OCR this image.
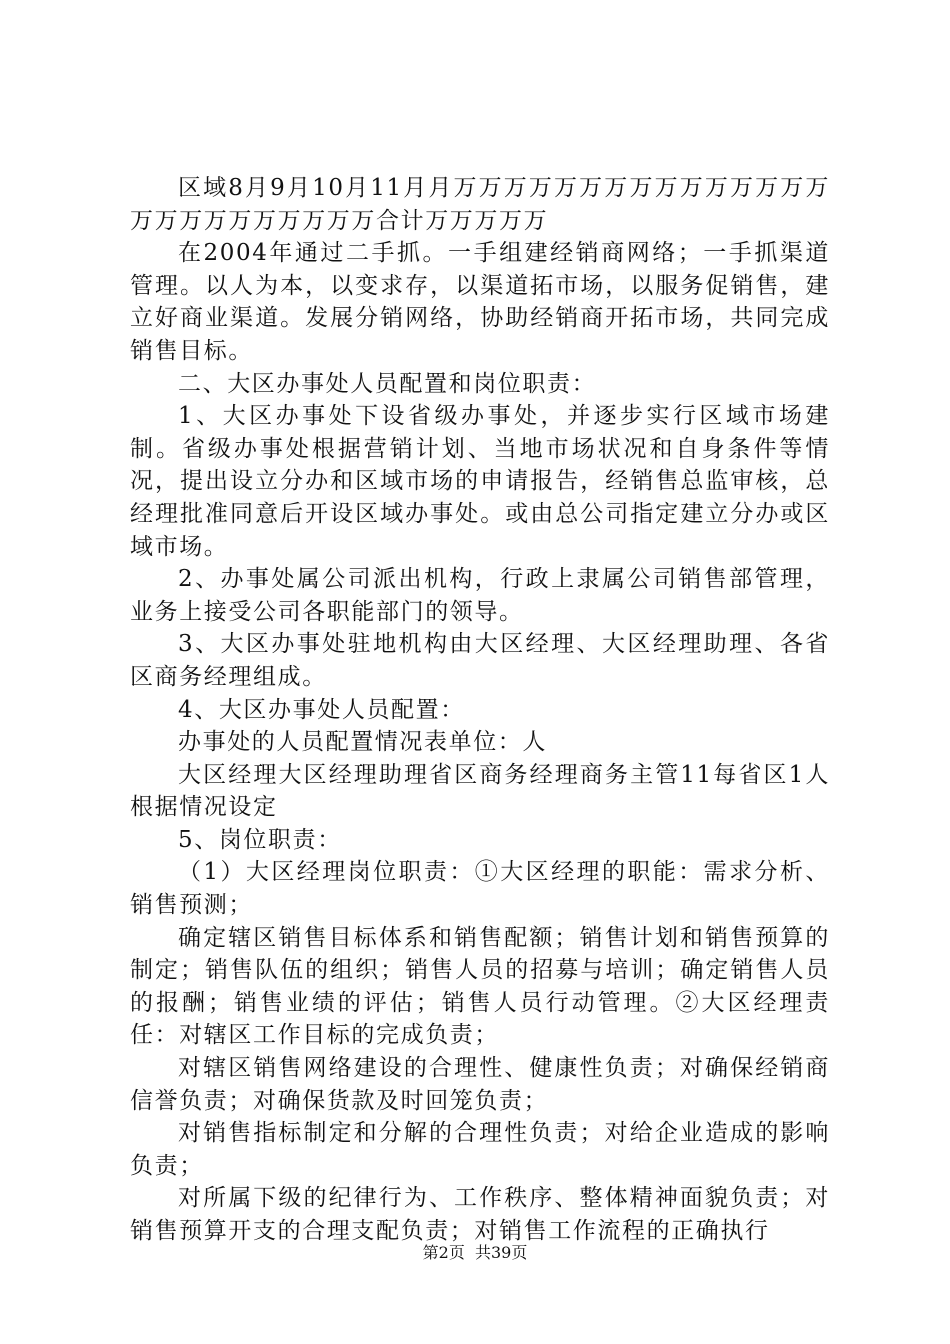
区域8月9月10月11月月万万万万万万万万万万万万万万万万万万万万万万万万万合计万万万万万

在2004年通过二手抓。一手组建经销商网络；一手抓渠道管理。以人为本，以变求存，以渠道拓市场，以服务促销售，建立好商业渠道。发展分销网络，协助经销商开拓市场，共同完成销售目标。

二、大区办事处人员配置和岗位职责：

1、大区办事处下设省级办事处，并逐步实行区域市场建制。省级办事处根据营销计划、当地市场状况和自身条件等情况，提出设立分办和区域市场的申请报告，经销售总监审核，总经理批准同意后开设区域办事处。或由总公司指定建立分办或区域市场。

2、办事处属公司派出机构，行政上隶属公司销售部管理，业务上接受公司各职能部门的领导。

3、大区办事处驻地机构由大区经理、大区经理助理、各省区商务经理组成。

4、大区办事处人员配置：

办事处的人员配置情况表单位：人

大区经理大区经理助理省区商务经理商务主管11每省区1人根据情况设定

5、岗位职责：

（1）大区经理岗位职责：①大区经理的职能：需求分析、销售预测；

确定辖区销售目标体系和销售配额；销售计划和销售预算的制定；销售队伍的组织；销售人员的招募与培训；确定销售人员的报酬；销售业绩的评估；销售人员行动管理。②大区经理责任：对辖区工作目标的完成负责；

对辖区销售网络建设的合理性、健康性负责；对确保经销商信誉负责；对确保货款及时回笼负责；

对销售指标制定和分解的合理性负责；对给企业造成的影响负责；

对所属下级的纪律行为、工作秩序、整体精神面貌负责；对销售预算开支的合理支配负责；对销售工作流程的正确执行

第2页  共39页
